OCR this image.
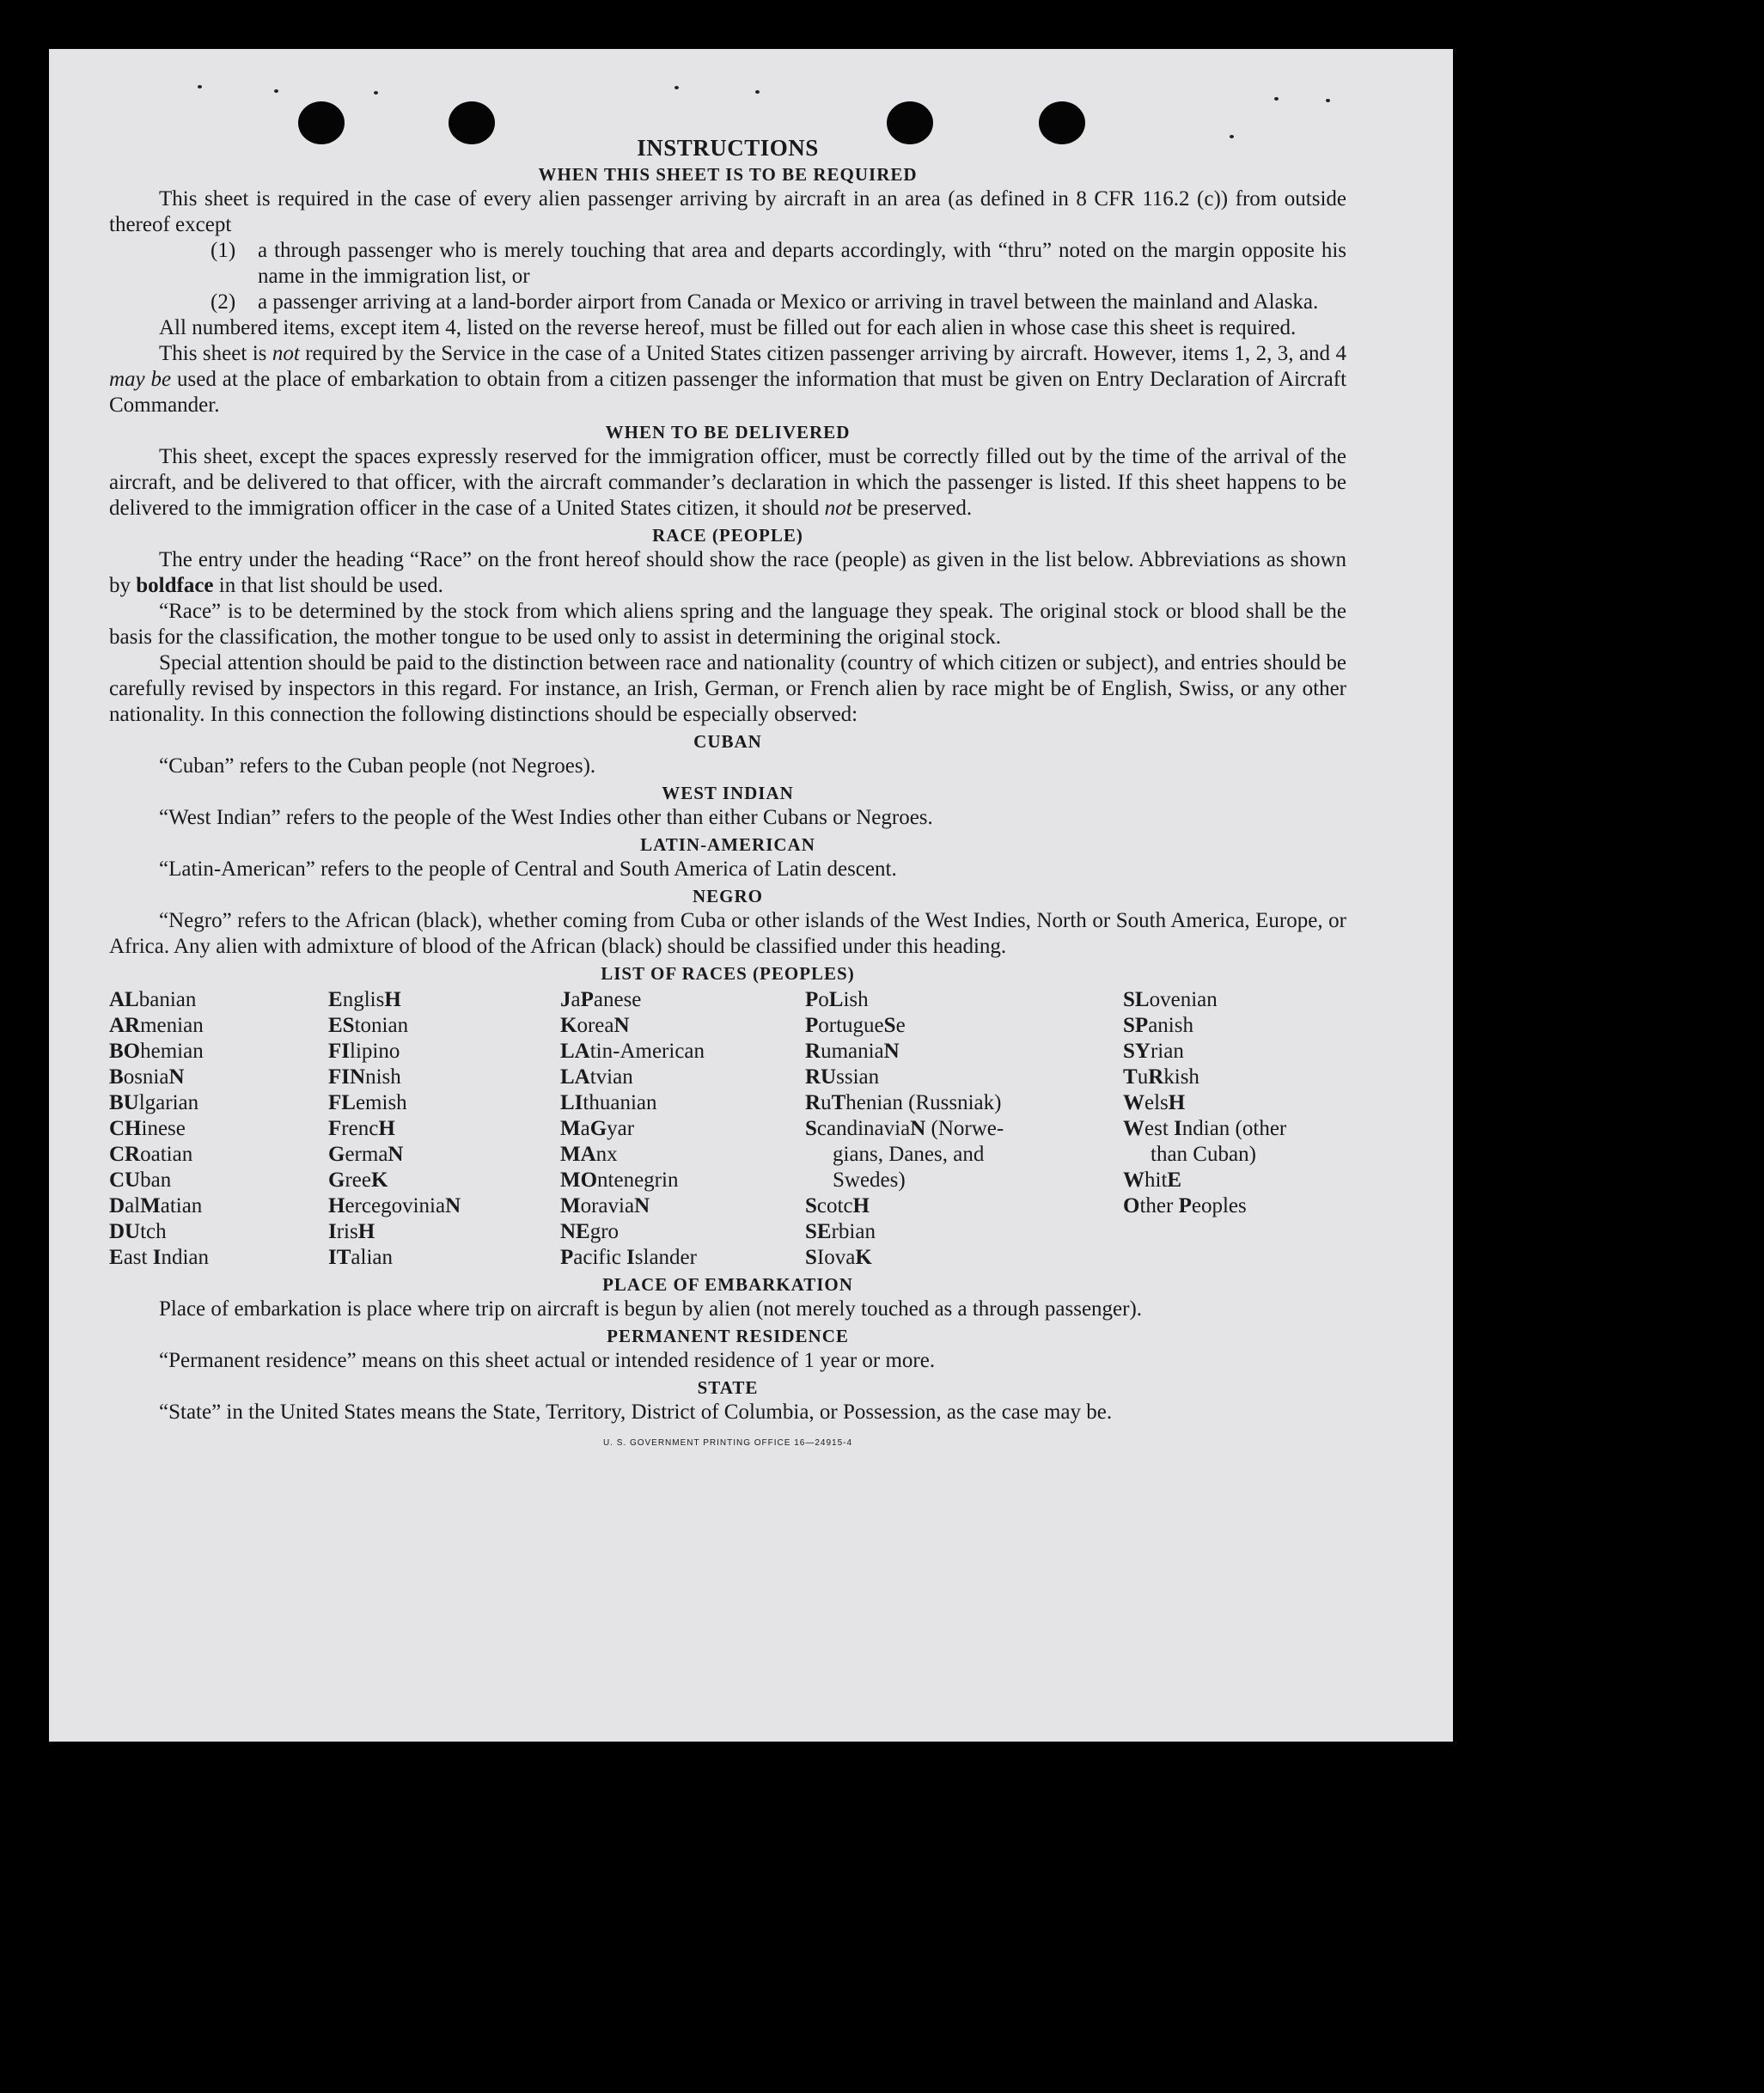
INSTRUCTIONS
WHEN THIS SHEET IS TO BE REQUIRED

This sheet is required in the case of every alien passenger arriving by aircraft in an area (as defined in 8 CFR 116.2 (c)) from outside thereof except

(1)	a through passenger who is merely touching that area and departs accordingly, with “thru” noted on the margin opposite his name in the immigration list, or
(2)	a passenger arriving at a land-border airport from Canada or Mexico or arriving in travel between the mainland and Alaska.

All numbered items, except item 4, listed on the reverse hereof, must be filled out for each alien in whose case this sheet is required.

This sheet is not required by the Service in the case of a United States citizen passenger arriving by aircraft. However, items 1, 2, 3, and 4 may be used at the place of embarkation to obtain from a citizen passenger the information that must be given on Entry Declaration of Aircraft Commander.

WHEN TO BE DELIVERED

This sheet, except the spaces expressly reserved for the immigration officer, must be correctly filled out by the time of the arrival of the aircraft, and be delivered to that officer, with the aircraft commander’s declaration in which the passenger is listed. If this sheet happens to be delivered to the immigration officer in the case of a United States citizen, it should not be preserved.

RACE (PEOPLE)

The entry under the heading “Race” on the front hereof should show the race (people) as given in the list below. Abbreviations as shown by boldface in that list should be used.

“Race” is to be determined by the stock from which aliens spring and the language they speak. The original stock or blood shall be the basis for the classification, the mother tongue to be used only to assist in determining the original stock.

Special attention should be paid to the distinction between race and nationality (country of which citizen or subject), and entries should be carefully revised by inspectors in this regard. For instance, an Irish, German, or French alien by race might be of English, Swiss, or any other nationality. In this connection the following distinctions should be especially observed:

CUBAN

“Cuban” refers to the Cuban people (not Negroes).

WEST INDIAN

“West Indian” refers to the people of the West Indies other than either Cubans or Negroes.

LATIN-AMERICAN

“Latin-American” refers to the people of Central and South America of Latin descent.

NEGRO

“Negro” refers to the African (black), whether coming from Cuba or other islands of the West Indies, North or South America, Europe, or Africa. Any alien with admixture of blood of the African (black) should be classified under this heading.

LIST OF RACES (PEOPLES)
ALbanian
ARmenian
BOhemian
BosniaN
BUlgarian
CHinese
CRoatian
CUban
DalMatian
DUtch
East Indian
EnglisH
EStonian
FIlipino
FINnish
FLemish
FrencH
GermaN
GreeK
HercegoviniaN
IrisH
ITalian
JaPanese
KoreaN
LAtin-American
LAtvian
LIthuanian
MaGyar
MAnx
MOntenegrin
MoraviaN
NEgro
Pacific Islander
PoLish
PortugueSe
RumaniaN
RUssian
RuThenian (Russniak)
ScandinaviaN (Norwe-
gians, Danes, and
Swedes)
ScotcH
SErbian
SIovaK
SLovenian
SPanish
SYrian
TuRkish
WelsH
West Indian (other
than Cuban)
WhitE
Other Peoples
PLACE OF EMBARKATION

Place of embarkation is place where trip on aircraft is begun by alien (not merely touched as a through passenger).

PERMANENT RESIDENCE

“Permanent residence” means on this sheet actual or intended residence of 1 year or more.

STATE

“State” in the United States means the State, Territory, District of Columbia, or Possession, as the case may be.

U. S. GOVERNMENT PRINTING OFFICE 16—24915-4
